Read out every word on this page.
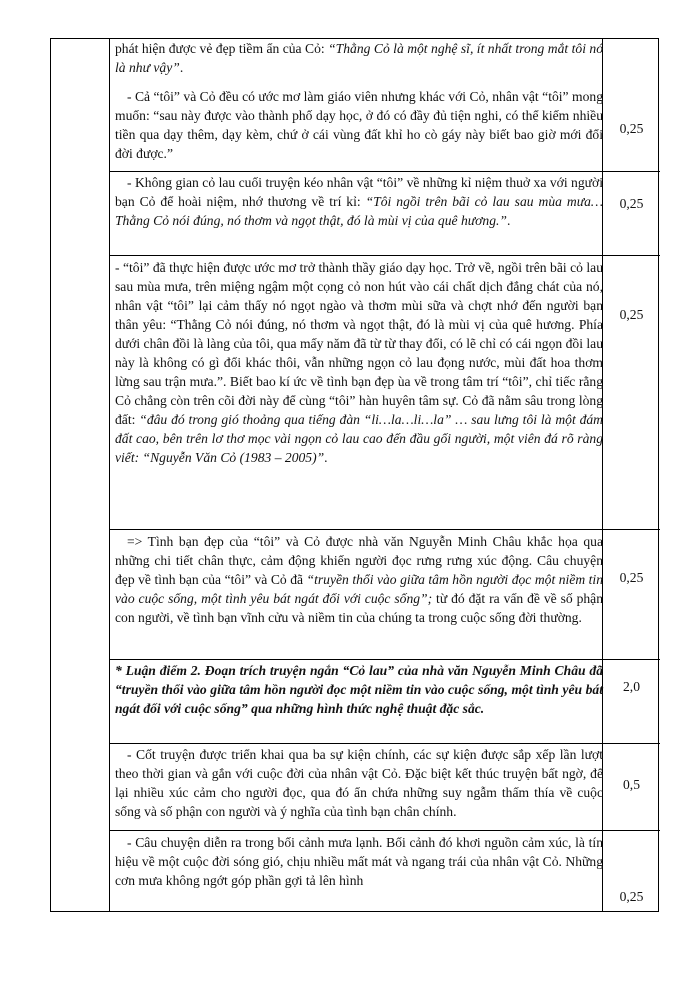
phát hiện được vẻ đẹp tiềm ẩn của Cỏ: “Thằng Cỏ là một nghệ sĩ, ít nhất trong mắt tôi nó là như vậy”.

- Cả “tôi” và Cỏ đều có ước mơ làm giáo viên nhưng khác với Cỏ, nhân vật “tôi” mong muốn: “sau này được vào thành phố dạy học, ở đó có đầy đủ tiện nghi, có thể kiếm nhiều tiền qua dạy thêm, dạy kèm, chứ ở cái vùng đất khỉ ho cò gáy này biết bao giờ mới đổi đời được.”

0,25

- Không gian cỏ lau cuối truyện kéo nhân vật “tôi” về những kỉ niệm thuở xa với người bạn Cỏ để hoài niệm, nhớ thương về trí kỉ: “Tôi ngồi trên bãi cỏ lau sau mùa mưa… Thằng Cỏ nói đúng, nó thơm và ngọt thật, đó là mùi vị của quê hương.”.

0,25

- “tôi” đã thực hiện được ước mơ trở thành thầy giáo dạy học. Trở về, ngồi trên bãi cỏ lau sau mùa mưa, trên miệng ngậm một cọng cỏ non hút vào cái chất dịch đắng chát của nó, nhân vật “tôi” lại cảm thấy nó ngọt ngào và thơm mùi sữa và chợt nhớ đến người bạn thân yêu: “Thằng Cỏ nói đúng, nó thơm và ngọt thật, đó là mùi vị của quê hương. Phía dưới chân đồi là làng của tôi, qua mấy năm đã từ từ thay đổi, có lẽ chỉ có cái ngọn đồi lau này là không có gì đổi khác thôi, vẫn những ngọn cỏ lau đọng nước, mùi đất hoa thơm lừng sau trận mưa.”. Biết bao kí ức về tình bạn đẹp ùa về trong tâm trí “tôi”, chỉ tiếc rằng Cỏ chẳng còn trên cõi đời này để cùng “tôi” hàn huyên tâm sự. Cỏ đã nằm sâu trong lòng đất: “đâu đó trong gió thoảng qua tiếng đàn “li…la…li…la” … sau lưng tôi là một đám đất cao, bên trên lơ thơ mọc vài ngọn cỏ lau cao đến đầu gối người, một viên đá rõ ràng viết: “Nguyễn Văn Cỏ (1983 – 2005)”.

0,25

=> Tình bạn đẹp của “tôi” và Cỏ được nhà văn Nguyễn Minh Châu khắc họa qua những chi tiết chân thực, cảm động khiến người đọc rưng rưng xúc động. Câu chuyện đẹp về tình bạn của “tôi” và Cỏ đã “truyền thổi vào giữa tâm hồn người đọc một niềm tin vào cuộc sống, một tình yêu bát ngát đối với cuộc sống”; từ đó đặt ra vấn đề về số phận con người, về tình bạn vĩnh cửu và niềm tin của chúng ta trong cuộc sống đời thường.

0,25

* Luận điểm 2. Đoạn trích truyện ngắn “Cỏ lau” của nhà văn Nguyễn Minh Châu đã “truyền thổi vào giữa tâm hồn người đọc một niềm tin vào cuộc sống, một tình yêu bát ngát đối với cuộc sống” qua những hình thức nghệ thuật đặc sắc.

2,0

- Cốt truyện được triển khai qua ba sự kiện chính, các sự kiện được sắp xếp lần lượt theo thời gian và gắn với cuộc đời của nhân vật Cỏ. Đặc biệt kết thúc truyện bất ngờ, để lại nhiều xúc cảm cho người đọc, qua đó ẩn chứa những suy ngẫm thấm thía về cuộc sống và số phận con người và ý nghĩa của tình bạn chân chính.

0,5

- Câu chuyện diễn ra trong bối cảnh mưa lạnh. Bối cảnh đó khơi nguồn cảm xúc, là tín hiệu về một cuộc đời sóng gió, chịu nhiều mất mát và ngang trái của nhân vật Cỏ. Những cơn mưa không ngớt góp phần gợi tả lên hình

0,25
